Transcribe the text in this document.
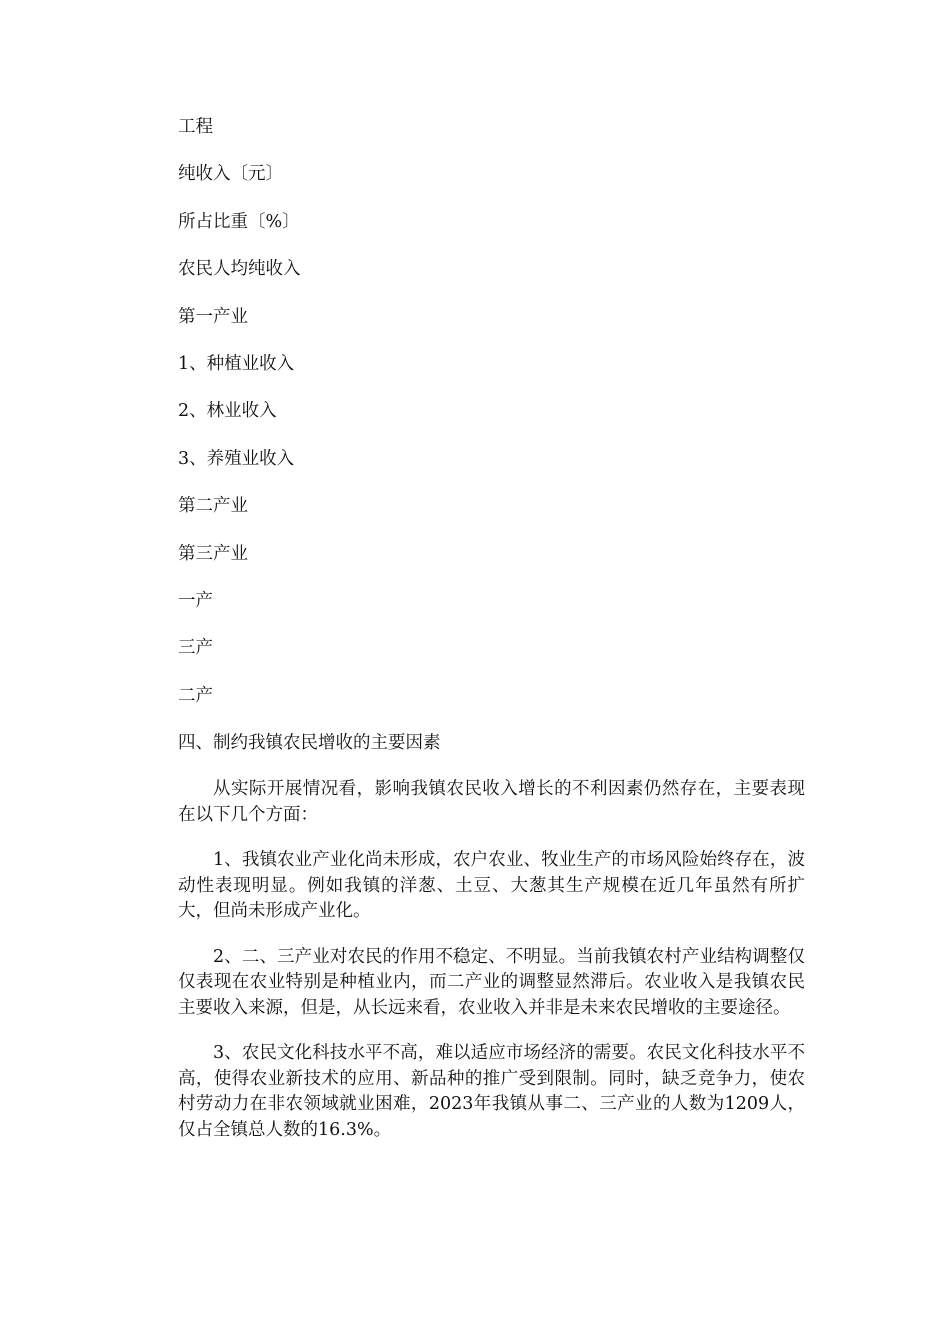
工程
纯收入〔元〕
所占比重〔%〕
农民人均纯收入
第一产业
1、种植业收入
2、林业收入
3、养殖业收入
第二产业
第三产业
一产
三产
二产
四、制约我镇农民增收的主要因素

从实际开展情况看，影响我镇农民收入增长的不利因素仍然存在，主要表现在以下几个方面：

1、我镇农业产业化尚未形成，农户农业、牧业生产的市场风险始终存在，波动性表现明显。例如我镇的洋葱、土豆、大葱其生产规模在近几年虽然有所扩大，但尚未形成产业化。

2、二、三产业对农民的作用不稳定、不明显。当前我镇农村产业结构调整仅仅表现在农业特别是种植业内，而二产业的调整显然滞后。农业收入是我镇农民主要收入来源，但是，从长远来看，农业收入并非是未来农民增收的主要途径。

3、农民文化科技水平不高，难以适应市场经济的需要。农民文化科技水平不高，使得农业新技术的应用、新品种的推广受到限制。同时，缺乏竞争力，使农村劳动力在非农领域就业困难，2023年我镇从事二、三产业的人数为1209人，仅占全镇总人数的16.3%。
